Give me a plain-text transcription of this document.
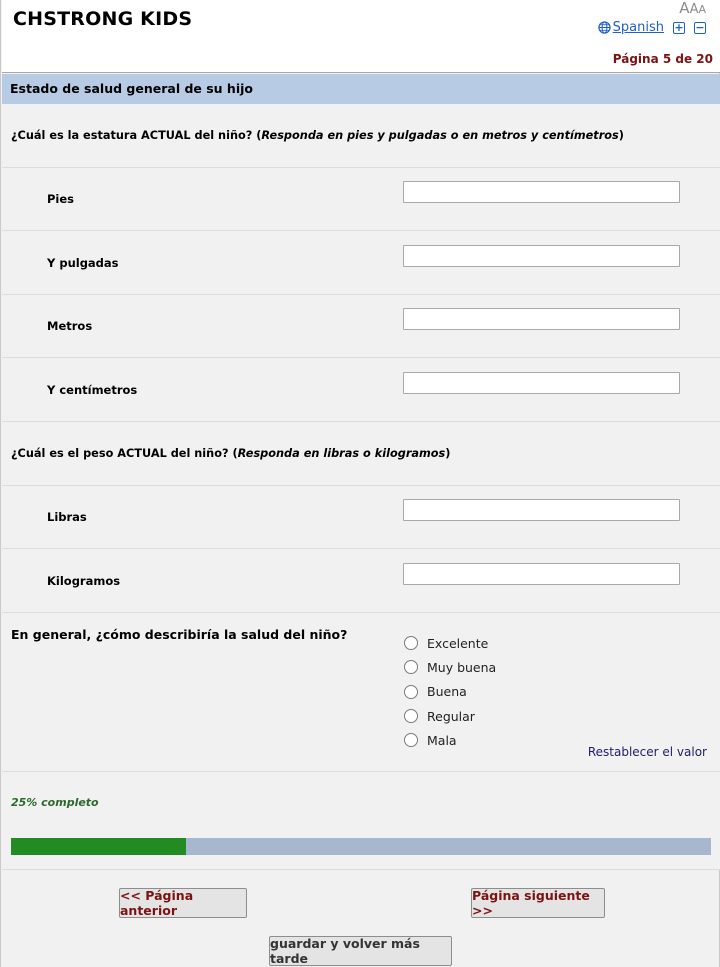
CHSTRONG KIDS	AAA
Spanish + −
Página 5 de 20
Estado de salud general de su hijo
¿Cuál es la estatura ACTUAL del niño? (Responda en pies y pulgadas o en metros y centímetros)
Pies
Y pulgadas
Metros
Y centímetros
¿Cuál es el peso ACTUAL del niño? (Responda en libras o kilogramos)
Libras
Kilogramos
En general, ¿cómo describiría la salud del niño?
Excelente
Muy buena
Buena
Regular
Mala
Restablecer el valor
25% completo
<< Página anterior
Página siguiente >>
guardar y volver más tarde
